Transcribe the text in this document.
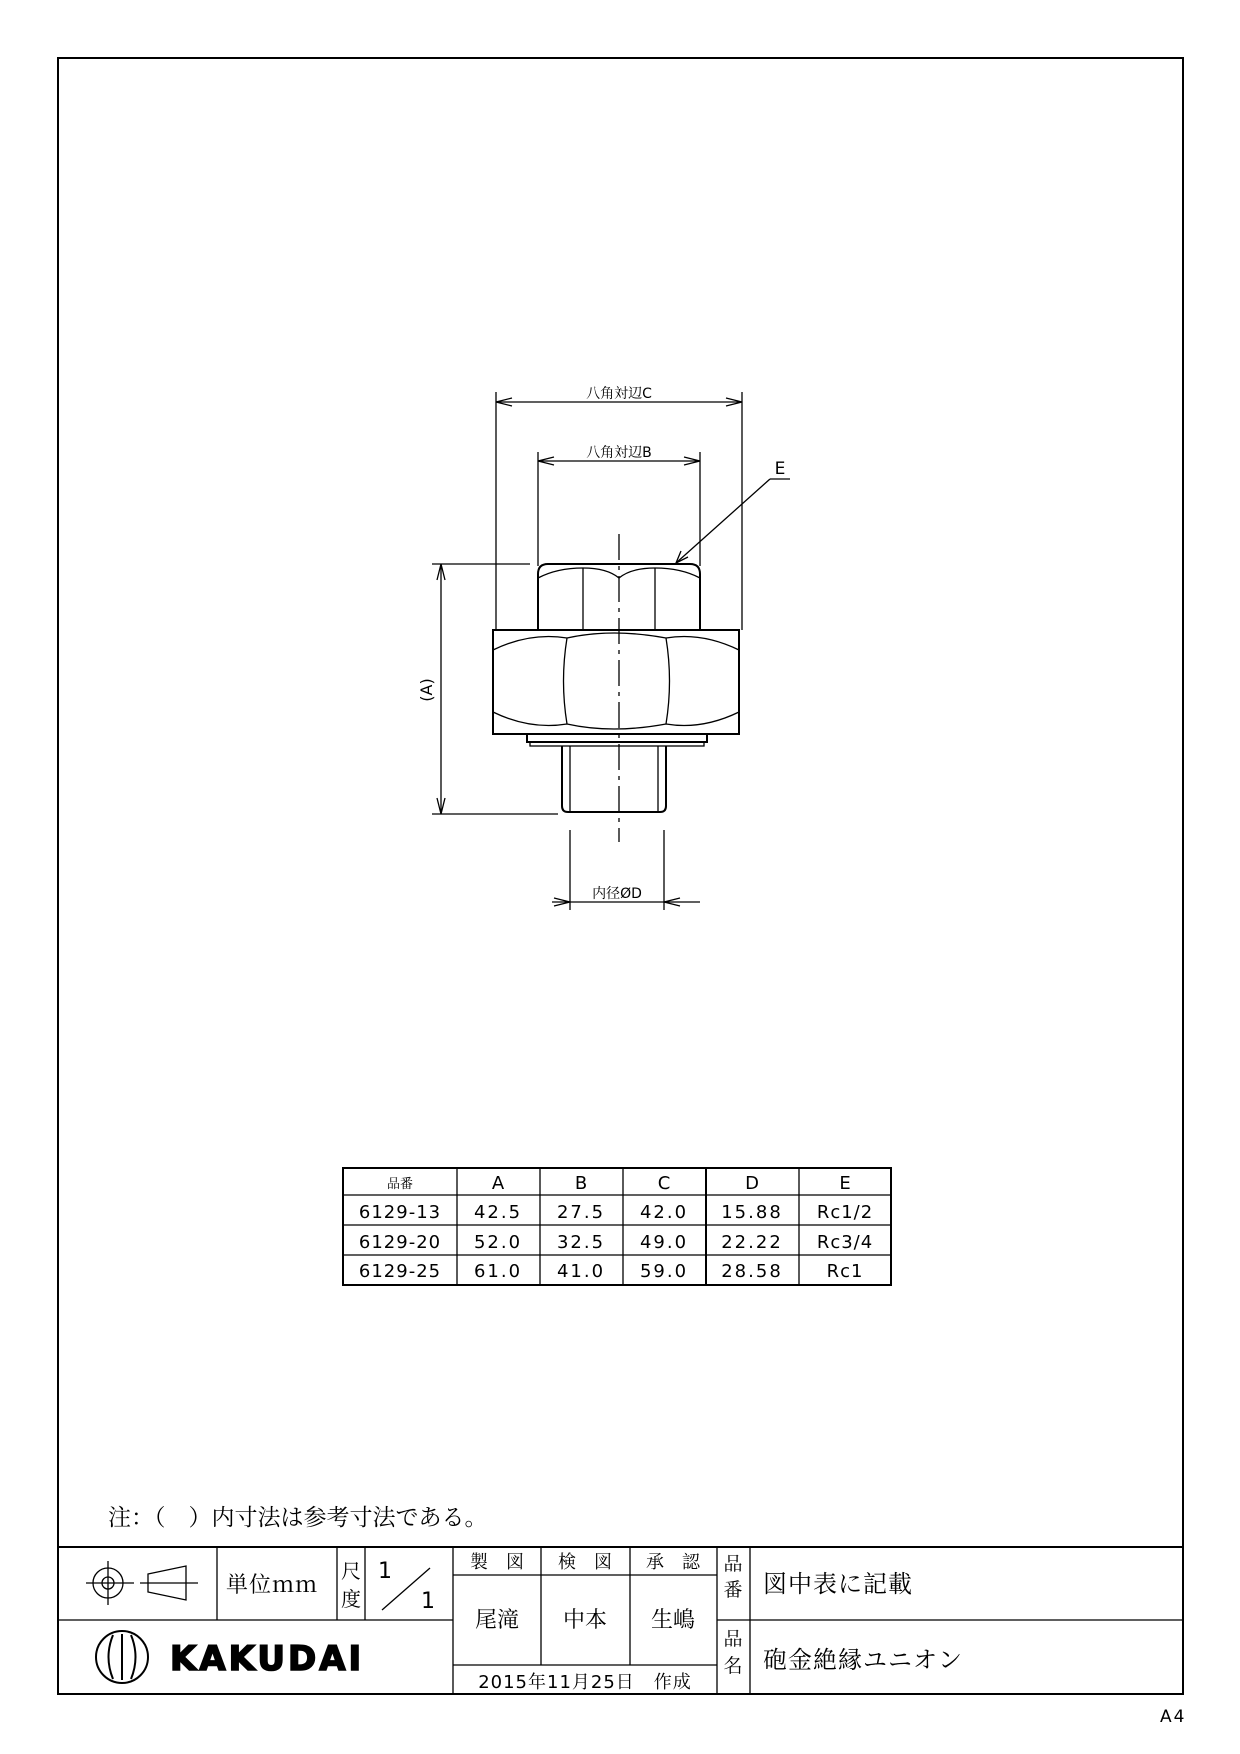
八角対辺C
八角対辺B
E
(A)
内径ØD
品番	A	B	C	D	E
6129-13 42.5 27.5 42.0 15.88 Rc1/2
6129-20 52.0 32.5 49.0 22.22 Rc3/4
6129-25 61.0 41.0 59.0 28.58 Rc1
注：（　）内寸法は参考寸法である。
単位ｍｍ
尺
度
1
1
製　図 検　図 承　認
尾滝 中本 生嶋
2015年11月25日　作成
品
番 図中表に記載
品
名 砲金絶縁ユニオン
KAKUDAI
A4
